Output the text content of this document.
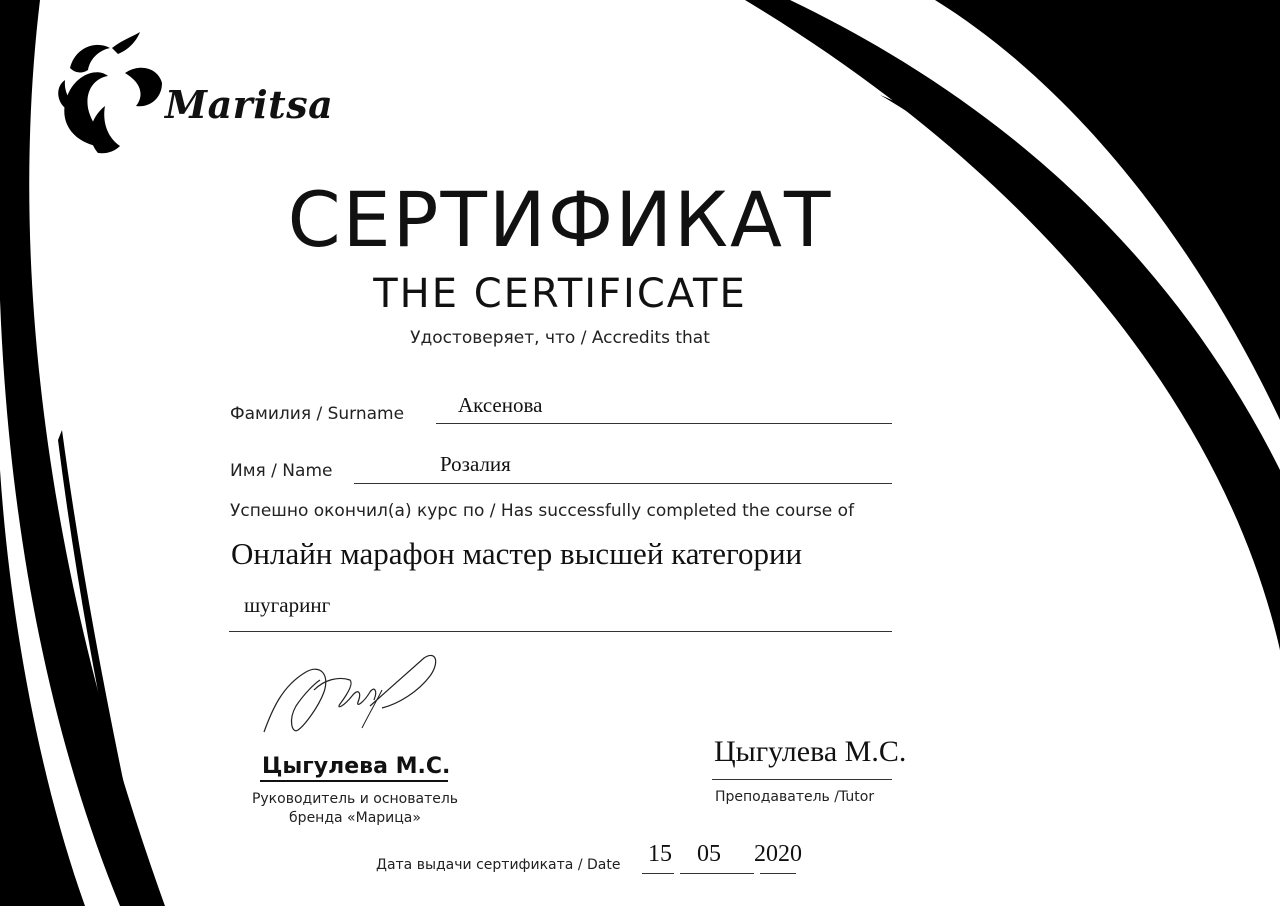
Maritsa
СЕРТИФИКАТ
THE CERTIFICATE
Удостоверяет, что / Accredits that
Фамилия / Surname	Аксенова
Имя / Name	Розалия
Успешно окончил(а) курс по / Has successfully completed the course of
Онлайн марафон мастер высшей категории
шугаринг
Цыгулева М.С.
Руководитель и основатель
бренда «Марица»
Цыгулева М.С.
Преподаватель /Tutor
Дата выдачи сертификата / Date 15 05 2020
